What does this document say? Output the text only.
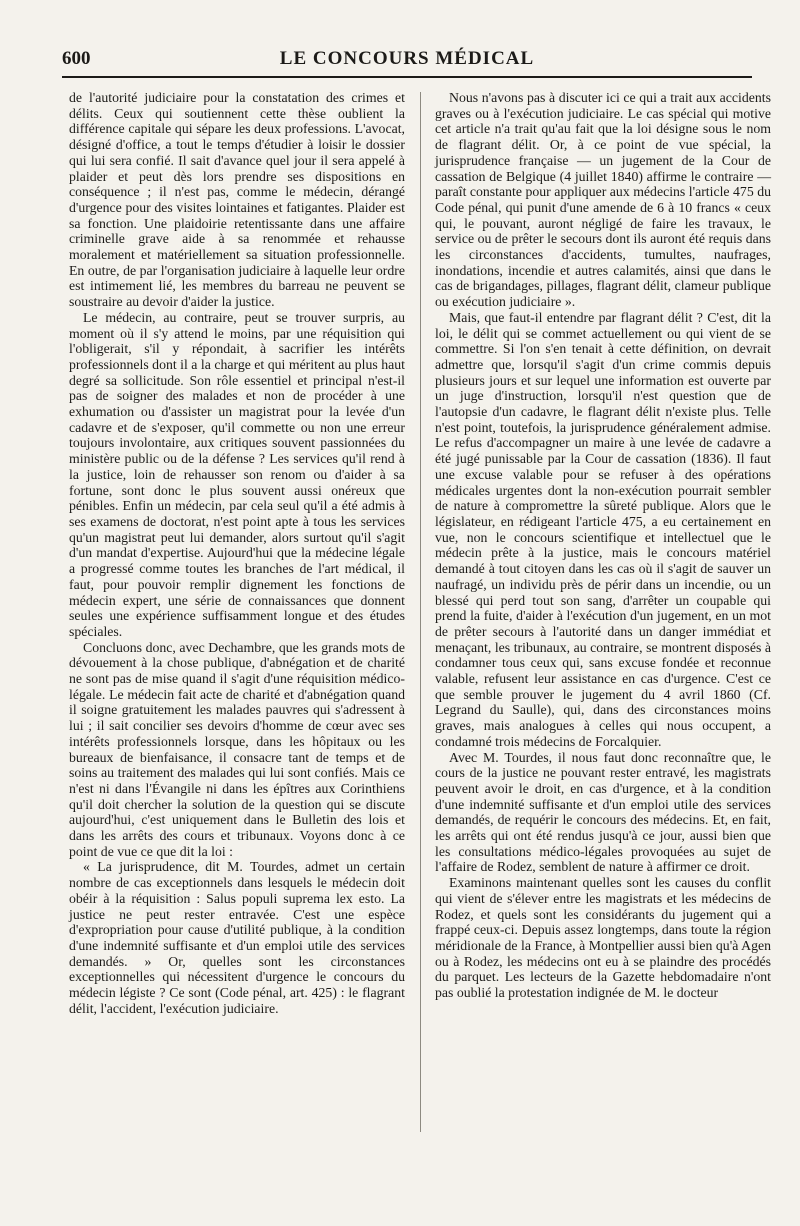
600	LE CONCOURS MÉDICAL

de l'autorité judiciaire pour la constatation des crimes et délits. Ceux qui soutiennent cette thèse oublient la différence capitale qui sépare les deux professions. L'avocat, désigné d'office, a tout le temps d'étudier à loisir le dossier qui lui sera confié. Il sait d'avance quel jour il sera appelé à plaider et peut dès lors prendre ses dispositions en conséquence ; il n'est pas, comme le médecin, dérangé d'urgence pour des visites lointaines et fatigantes. Plaider est sa fonction. Une plaidoirie retentissante dans une affaire criminelle grave aide à sa renommée et rehausse moralement et matériellement sa situation professionnelle. En outre, de par l'organisation judiciaire à laquelle leur ordre est intimement lié, les membres du barreau ne peuvent se soustraire au devoir d'aider la justice.

Le médecin, au contraire, peut se trouver surpris, au moment où il s'y attend le moins, par une réquisition qui l'obligerait, s'il y répondait, à sacrifier les intérêts professionnels dont il a la charge et qui méritent au plus haut degré sa sollicitude. Son rôle essentiel et principal n'est-il pas de soigner des malades et non de procéder à une exhumation ou d'assister un magistrat pour la levée d'un cadavre et de s'exposer, qu'il commette ou non une erreur toujours involontaire, aux critiques souvent passionnées du ministère public ou de la défense ? Les services qu'il rend à la justice, loin de rehausser son renom ou d'aider à sa fortune, sont donc le plus souvent aussi onéreux que pénibles. Enfin un médecin, par cela seul qu'il a été admis à ses examens de doctorat, n'est point apte à tous les services qu'un magistrat peut lui demander, alors surtout qu'il s'agit d'un mandat d'expertise. Aujourd'hui que la médecine légale a progressé comme toutes les branches de l'art médical, il faut, pour pouvoir remplir dignement les fonctions de médecin expert, une série de connaissances que donnent seules une expérience suffisamment longue et des études spéciales.

Concluons donc, avec Dechambre, que les grands mots de dévouement à la chose publique, d'abnégation et de charité ne sont pas de mise quand il s'agit d'une réquisition médico-légale. Le médecin fait acte de charité et d'abnégation quand il soigne gratuitement les malades pauvres qui s'adressent à lui ; il sait concilier ses devoirs d'homme de cœur avec ses intérêts professionnels lorsque, dans les hôpitaux ou les bureaux de bienfaisance, il consacre tant de temps et de soins au traitement des malades qui lui sont confiés. Mais ce n'est ni dans l'Évangile ni dans les épîtres aux Corinthiens qu'il doit chercher la solution de la question qui se discute aujourd'hui, c'est uniquement dans le Bulletin des lois et dans les arrêts des cours et tribunaux. Voyons donc à ce point de vue ce que dit la loi :

« La jurisprudence, dit M. Tourdes, admet un certain nombre de cas exceptionnels dans lesquels le médecin doit obéir à la réquisition : Salus populi suprema lex esto. La justice ne peut rester entravée. C'est une espèce d'expropriation pour cause d'utilité publique, à la condition d'une indemnité suffisante et d'un emploi utile des services demandés. » Or, quelles sont les circonstances exceptionnelles qui nécessitent d'urgence le concours du médecin légiste ? Ce sont (Code pénal, art. 425) : le flagrant délit, l'accident, l'exécution judiciaire.

Nous n'avons pas à discuter ici ce qui a trait aux accidents graves ou à l'exécution judiciaire. Le cas spécial qui motive cet article n'a trait qu'au fait que la loi désigne sous le nom de flagrant délit. Or, à ce point de vue spécial, la jurisprudence française — un jugement de la Cour de cassation de Belgique (4 juillet 1840) affirme le contraire — paraît constante pour appliquer aux médecins l'article 475 du Code pénal, qui punit d'une amende de 6 à 10 francs « ceux qui, le pouvant, auront négligé de faire les travaux, le service ou de prêter le secours dont ils auront été requis dans les circonstances d'accidents, tumultes, naufrages, inondations, incendie et autres calamités, ainsi que dans le cas de brigandages, pillages, flagrant délit, clameur publique ou exécution judiciaire ».

Mais, que faut-il entendre par flagrant délit ? C'est, dit la loi, le délit qui se commet actuellement ou qui vient de se commettre. Si l'on s'en tenait à cette définition, on devrait admettre que, lorsqu'il s'agit d'un crime commis depuis plusieurs jours et sur lequel une information est ouverte par un juge d'instruction, lorsqu'il n'est question que de l'autopsie d'un cadavre, le flagrant délit n'existe plus. Telle n'est point, toutefois, la jurisprudence généralement admise. Le refus d'accompagner un maire à une levée de cadavre a été jugé punissable par la Cour de cassation (1836). Il faut une excuse valable pour se refuser à des opérations médicales urgentes dont la non-exécution pourrait sembler de nature à compromettre la sûreté publique. Alors que le législateur, en rédigeant l'article 475, a eu certainement en vue, non le concours scientifique et intellectuel que le médecin prête à la justice, mais le concours matériel demandé à tout citoyen dans les cas où il s'agit de sauver un naufragé, un individu près de périr dans un incendie, ou un blessé qui perd tout son sang, d'arrêter un coupable qui prend la fuite, d'aider à l'exécution d'un jugement, en un mot de prêter secours à l'autorité dans un danger immédiat et menaçant, les tribunaux, au contraire, se montrent disposés à condamner tous ceux qui, sans excuse fondée et reconnue valable, refusent leur assistance en cas d'urgence. C'est ce que semble prouver le jugement du 4 avril 1860 (Cf. Legrand du Saulle), qui, dans des circonstances moins graves, mais analogues à celles qui nous occupent, a condamné trois médecins de Forcalquier.

Avec M. Tourdes, il nous faut donc reconnaître que, le cours de la justice ne pouvant rester entravé, les magistrats peuvent avoir le droit, en cas d'urgence, et à la condition d'une indemnité suffisante et d'un emploi utile des services demandés, de requérir le concours des médecins. Et, en fait, les arrêts qui ont été rendus jusqu'à ce jour, aussi bien que les consultations médico-légales provoquées au sujet de l'affaire de Rodez, semblent de nature à affirmer ce droit.

Examinons maintenant quelles sont les causes du conflit qui vient de s'élever entre les magistrats et les médecins de Rodez, et quels sont les considérants du jugement qui a frappé ceux-ci. Depuis assez longtemps, dans toute la région méridionale de la France, à Montpellier aussi bien qu'à Agen ou à Rodez, les médecins ont eu à se plaindre des procédés du parquet. Les lecteurs de la Gazette hebdomadaire n'ont pas oublié la protestation indignée de M. le docteur
